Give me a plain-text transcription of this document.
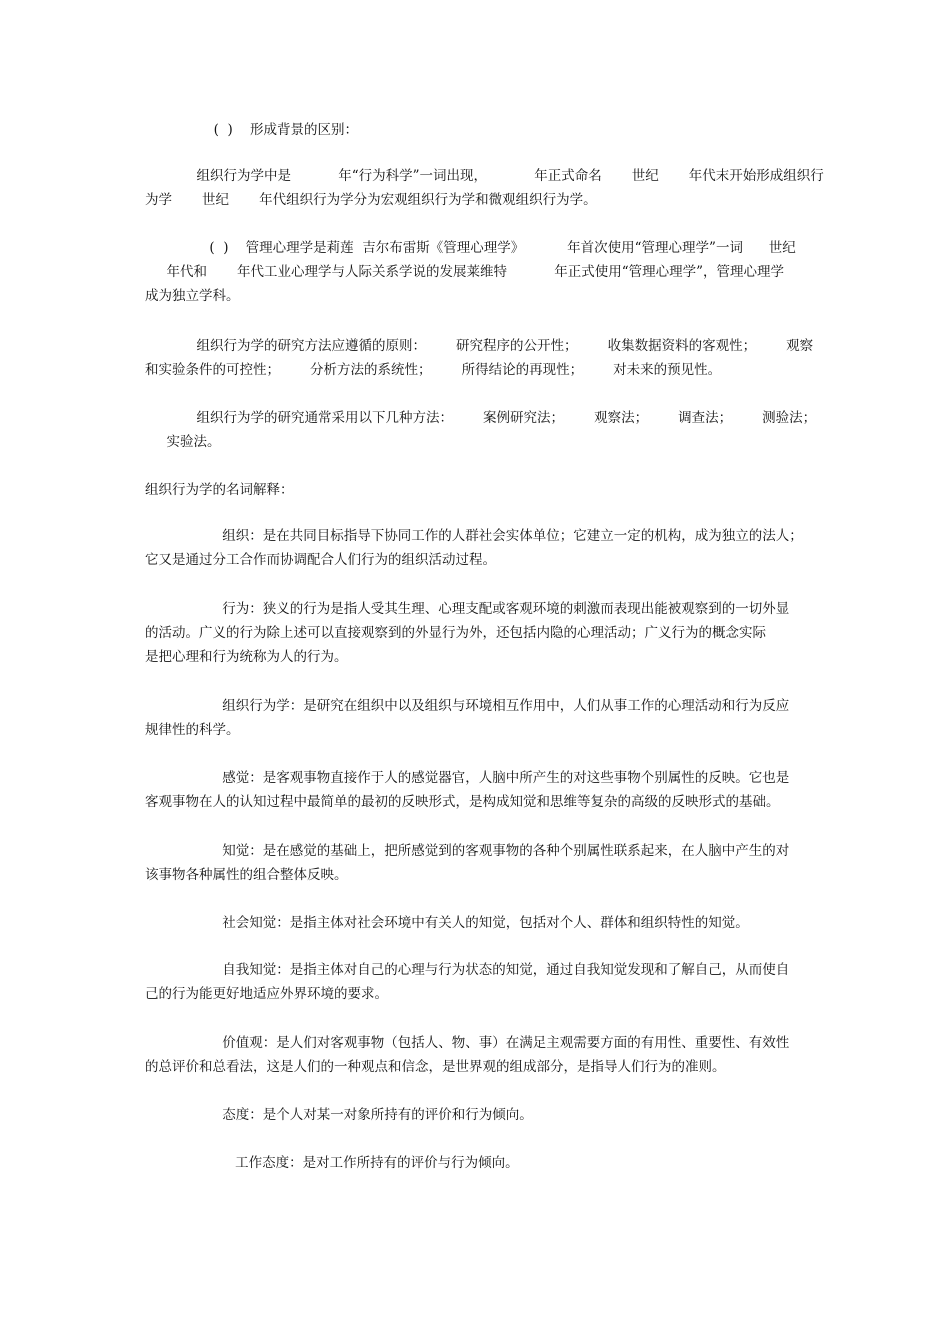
(  )    形成背景的区别：

组织行为学中是           年“行为科学”一词出现，           年正式命名       世纪       年代末开始形成组织行
为学       世纪       年代组织行为学分为宏观组织行为学和微观组织行为学。

(  )    管理心理学是莉莲  吉尔布雷斯《管理心理学》          年首次使用“管理心理学”一词      世纪
年代和       年代工业心理学与人际关系学说的发展莱维特           年正式使用“管理心理学”，管理心理学
成为独立学科。

组织行为学的研究方法应遵循的原则：       研究程序的公开性；       收集数据资料的客观性；       观察
和实验条件的可控性；       分析方法的系统性；       所得结论的再现性；       对未来的预见性。

组织行为学的研究通常采用以下几种方法：       案例研究法；       观察法；       调查法；       测验法；
实验法。

组织行为学的名词解释：

组织：是在共同目标指导下协同工作的人群社会实体单位；它建立一定的机构，成为独立的法人；
它又是通过分工合作而协调配合人们行为的组织活动过程。

行为：狭义的行为是指人受其生理、心理支配或客观环境的刺激而表现出能被观察到的一切外显
的活动。广义的行为除上述可以直接观察到的外显行为外，还包括内隐的心理活动；广义行为的概念实际
是把心理和行为统称为人的行为。

组织行为学：是研究在组织中以及组织与环境相互作用中，人们从事工作的心理活动和行为反应
规律性的科学。

感觉：是客观事物直接作于人的感觉器官，人脑中所产生的对这些事物个别属性的反映。它也是
客观事物在人的认知过程中最简单的最初的反映形式，是构成知觉和思维等复杂的高级的反映形式的基础。

知觉：是在感觉的基础上，把所感觉到的客观事物的各种个别属性联系起来，在人脑中产生的对
该事物各种属性的组合整体反映。

社会知觉：是指主体对社会环境中有关人的知觉，包括对个人、群体和组织特性的知觉。

自我知觉：是指主体对自己的心理与行为状态的知觉，通过自我知觉发现和了解自己，从而使自
己的行为能更好地适应外界环境的要求。

价值观：是人们对客观事物（包括人、物、事）在满足主观需要方面的有用性、重要性、有效性
的总评价和总看法，这是人们的一种观点和信念，是世界观的组成部分，是指导人们行为的准则。

态度：是个人对某一对象所持有的评价和行为倾向。

工作态度：是对工作所持有的评价与行为倾向。
